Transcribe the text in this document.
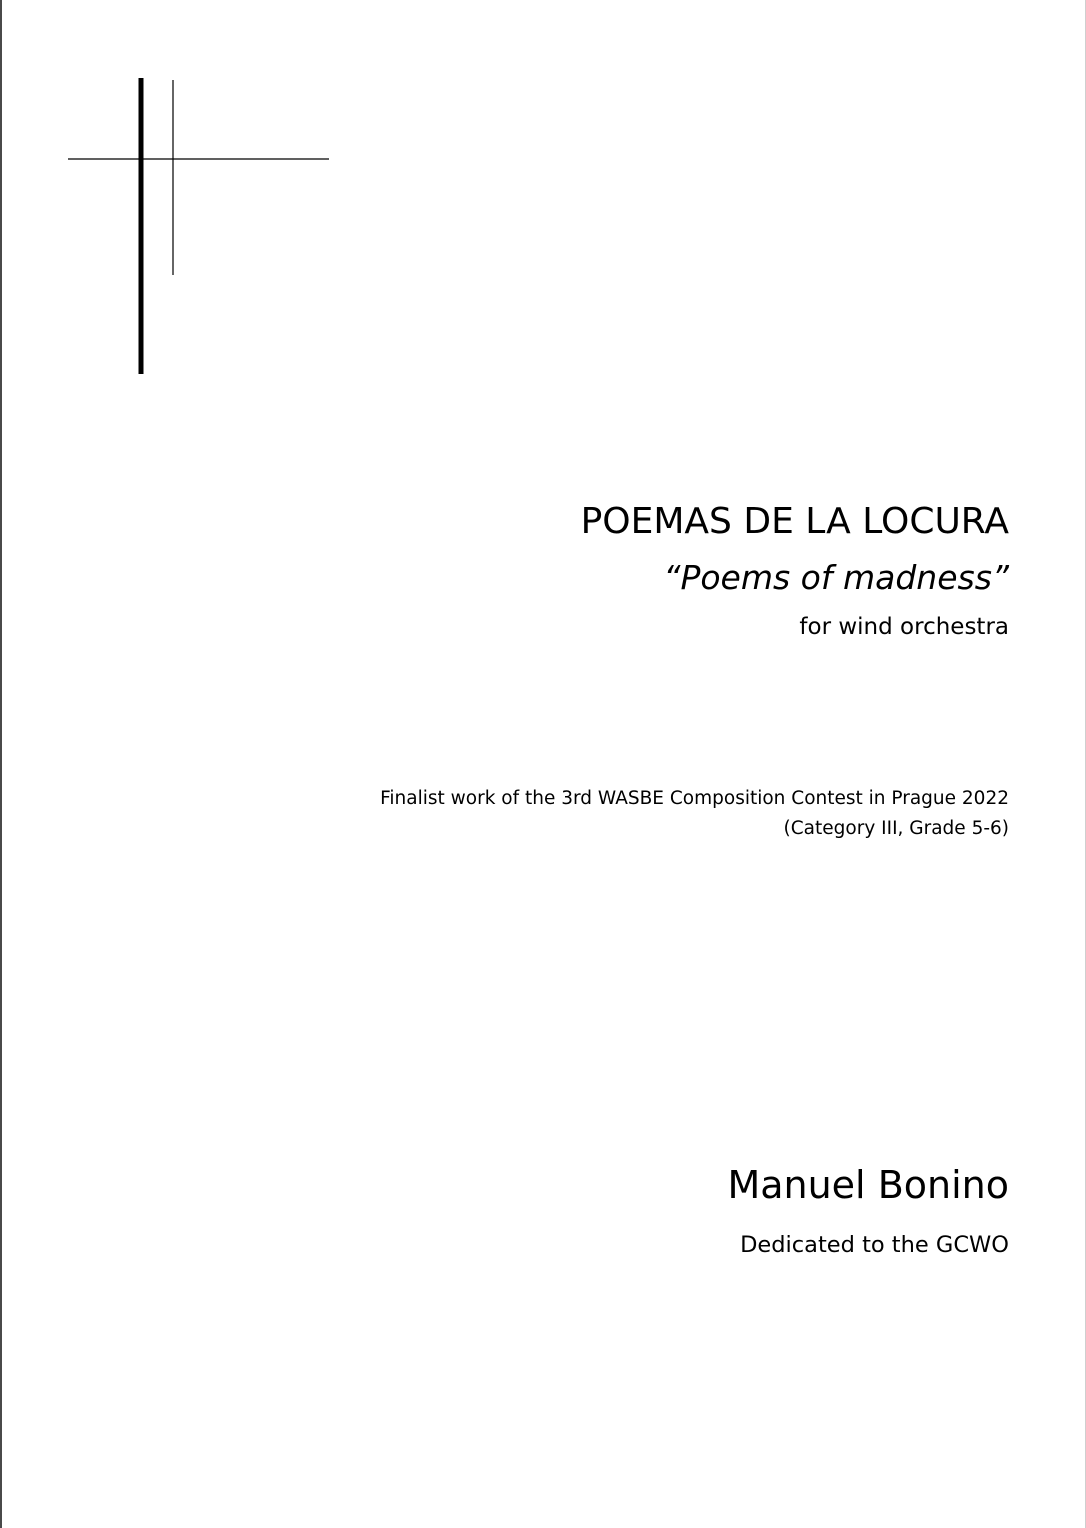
POEMAS DE LA LOCURA
“Poems of madness”
for wind orchestra
Finalist work of the 3rd WASBE Composition Contest in Prague 2022
(Category III, Grade 5-6)
Manuel Bonino
Dedicated to the GCWO
